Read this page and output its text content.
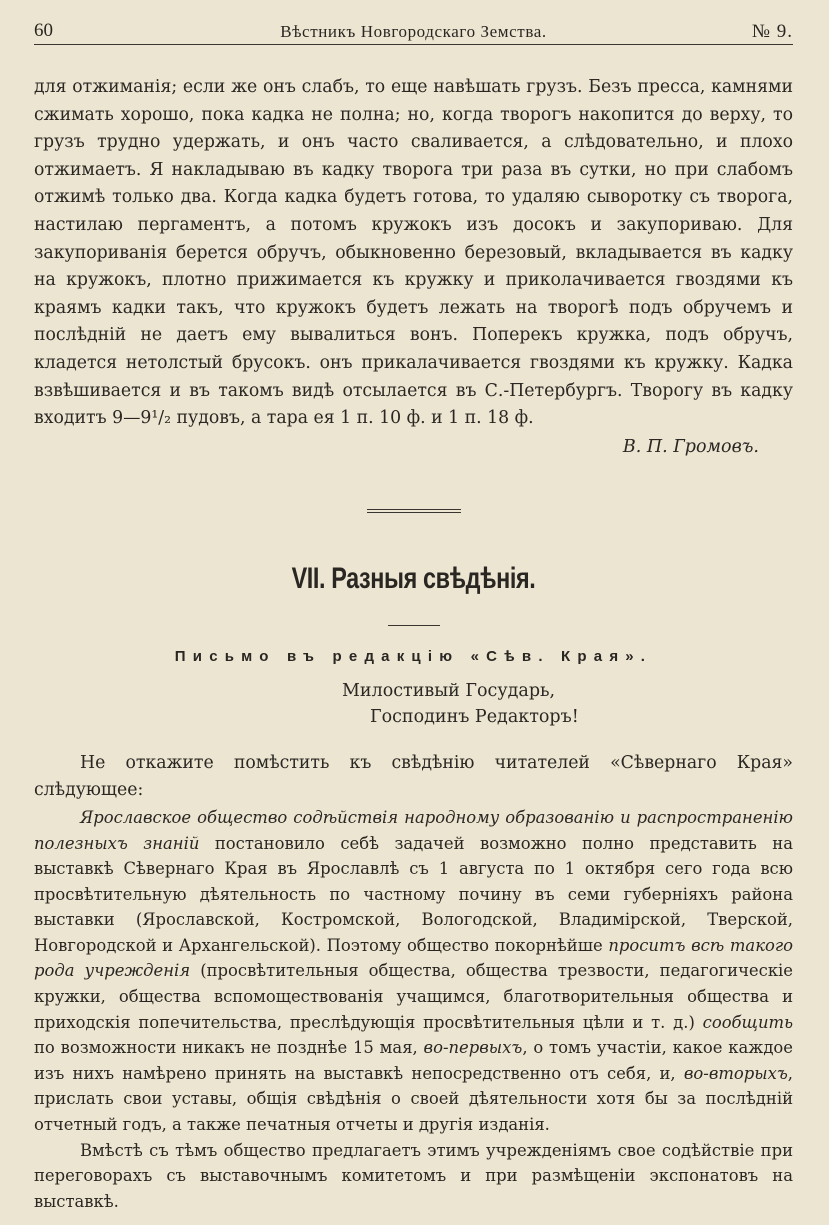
60	Вѣстникъ Новгородскаго Земства.	№ 9.

для отжиманія; если же онъ слабъ, то еще навѣшать грузъ. Безъ пресса, камнями сжимать хорошо, пока кадка не полна; но, когда творогъ накопится до верху, то грузъ трудно удержать, и онъ часто сваливается, а слѣдовательно, и плохо отжимаетъ. Я накладываю въ кадку творога три раза въ сутки, но при слабомъ отжимѣ только два. Когда кадка будетъ готова, то удаляю сыворотку съ творога, настилаю пергаментъ, а потомъ кружокъ изъ досокъ и закупориваю. Для закупориванія берется обручъ, обыкновенно березовый, вкладывается въ кадку на кружокъ, плотно прижимается къ кружку и приколачивается гвоздями къ краямъ кадки такъ, что кружокъ будетъ лежать на творогѣ подъ обручемъ и послѣдній не даетъ ему вывалиться вонъ. Поперекъ кружка, подъ обручъ, кладется нетолстый брусокъ. онъ прикалачивается гвоздями къ кружку. Кадка взвѣшивается и въ такомъ видѣ отсылается въ С.-Петербургъ. Творогу въ кадку входитъ 9—9¹/₂ пудовъ, а тара ея 1 п. 10 ф. и 1 п. 18 ф.

В. П. Громовъ.

VII. Разныя свѣдѣнія.
Письмо въ редакцію «Сѣв. Края».
Милостивый Государь,
Господинъ Редакторъ!

Не откажите помѣстить къ свѣдѣнію читателей «Сѣвернаго Края» слѣдующее:

Ярославское общество содѣйствія народному образованію и распространенію полезныхъ знаній постановило себѣ задачей возможно полно представить на выставкѣ Сѣвернаго Края въ Ярославлѣ съ 1 августа по 1 октября сего года всю просвѣтительную дѣятельность по частному почину въ семи губерніяхъ района выставки (Ярославской, Костромской, Вологодской, Владимірской, Тверской, Новгородской и Архангельской). Поэтому общество покорнѣйше проситъ всѣ такого рода учрежденія (просвѣтительныя общества, общества трезвости, педагогическіе кружки, общества вспомоществованія учащимся, благотворительныя общества и приходскія попечительства, преслѣдующія просвѣтительныя цѣли и т. д.) сообщить по возможности никакъ не позднѣе 15 мая, во-первыхъ, о томъ участіи, какое каждое изъ нихъ намѣрено принять на выставкѣ непосредственно отъ себя, и, во-вторыхъ, прислать свои уставы, общія свѣдѣнія о своей дѣятельности хотя бы за послѣдній отчетный годъ, а также печатныя отчеты и другія изданія.

Вмѣстѣ съ тѣмъ общество предлагаетъ этимъ учрежденіямъ свое содѣйствіе при переговорахъ съ выставочнымъ комитетомъ и при размѣщеніи экспонатовъ на выставкѣ.
